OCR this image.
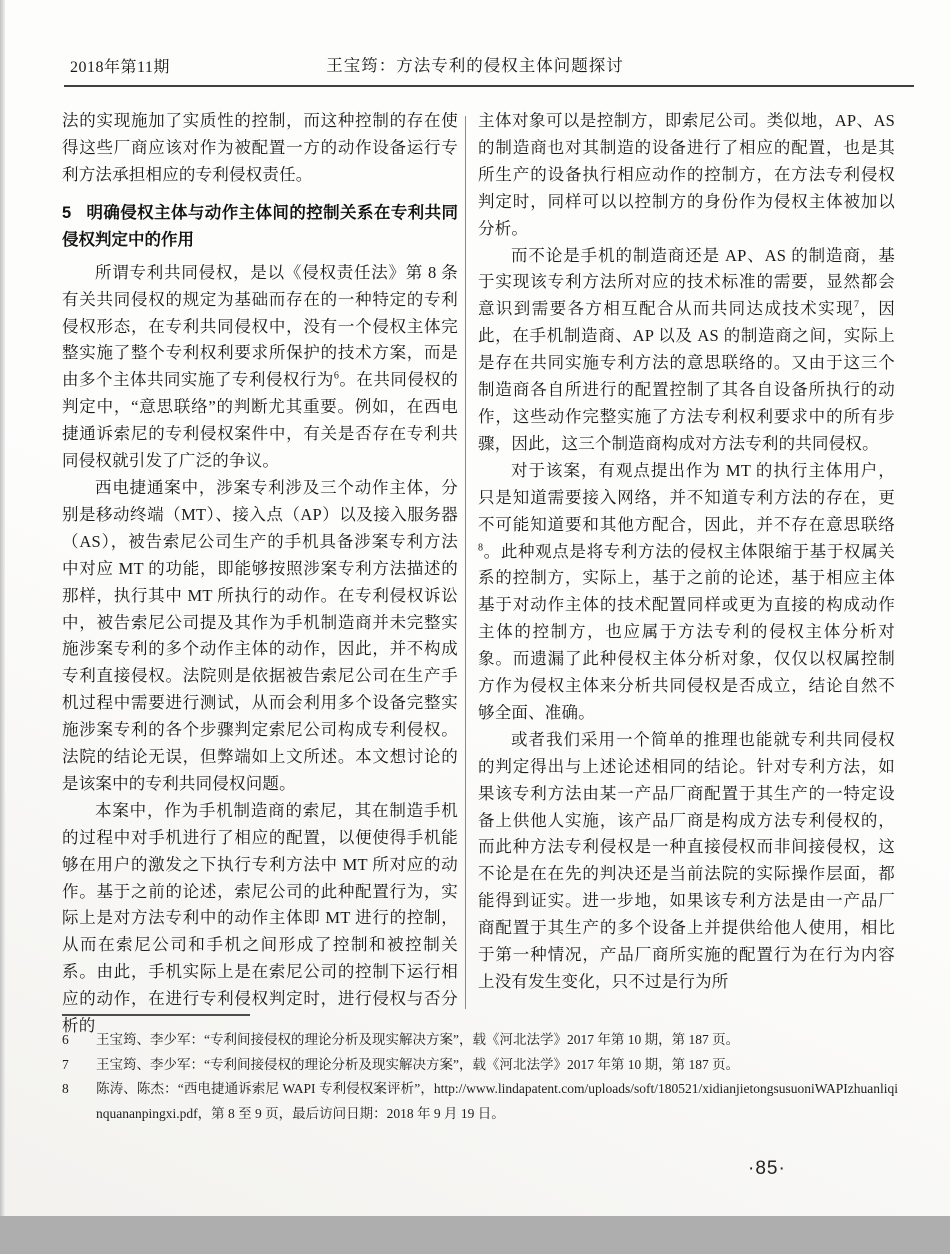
2018年第11期	王宝筠：方法专利的侵权主体问题探讨

法的实现施加了实质性的控制，而这种控制的存在使得这些厂商应该对作为被配置一方的动作设备运行专利方法承担相应的专利侵权责任。

5 明确侵权主体与动作主体间的控制关系在专利共同侵权判定中的作用

所谓专利共同侵权，是以《侵权责任法》第 8 条有关共同侵权的规定为基础而存在的一种特定的专利侵权形态，在专利共同侵权中，没有一个侵权主体完整实施了整个专利权利要求所保护的技术方案，而是由多个主体共同实施了专利侵权行为$^6$。在共同侵权的判定中，“意思联络”的判断尤其重要。例如，在西电捷通诉索尼的专利侵权案件中，有关是否存在专利共同侵权就引发了广泛的争议。

西电捷通案中，涉案专利涉及三个动作主体，分别是移动终端（MT）、接入点（AP）以及接入服务器（AS），被告索尼公司生产的手机具备涉案专利方法中对应 MT 的功能，即能够按照涉案专利方法描述的那样，执行其中 MT 所执行的动作。在专利侵权诉讼中，被告索尼公司提及其作为手机制造商并未完整实施涉案专利的多个动作主体的动作，因此，并不构成专利直接侵权。法院则是依据被告索尼公司在生产手机过程中需要进行测试，从而会利用多个设备完整实施涉案专利的各个步骤判定索尼公司构成专利侵权。法院的结论无误，但弊端如上文所述。本文想讨论的是该案中的专利共同侵权问题。

本案中，作为手机制造商的索尼，其在制造手机的过程中对手机进行了相应的配置，以便使得手机能够在用户的激发之下执行专利方法中 MT 所对应的动作。基于之前的论述，索尼公司的此种配置行为，实际上是对方法专利中的动作主体即 MT 进行的控制，从而在索尼公司和手机之间形成了控制和被控制关系。由此，手机实际上是在索尼公司的控制下运行相应的动作，在进行专利侵权判定时，进行侵权与否分析的

主体对象可以是控制方，即索尼公司。类似地，AP、AS 的制造商也对其制造的设备进行了相应的配置，也是其所生产的设备执行相应动作的控制方，在方法专利侵权判定时，同样可以以控制方的身份作为侵权主体被加以分析。

而不论是手机的制造商还是 AP、AS 的制造商，基于实现该专利方法所对应的技术标准的需要，显然都会意识到需要各方相互配合从而共同达成技术实现$^7$，因此，在手机制造商、AP 以及 AS 的制造商之间，实际上是存在共同实施专利方法的意思联络的。又由于这三个制造商各自所进行的配置控制了其各自设备所执行的动作，这些动作完整实施了方法专利权利要求中的所有步骤，因此，这三个制造商构成对方法专利的共同侵权。

对于该案，有观点提出作为 MT 的执行主体用户，只是知道需要接入网络，并不知道专利方法的存在，更不可能知道要和其他方配合，因此，并不存在意思联络$^8$。此种观点是将专利方法的侵权主体限缩于基于权属关系的控制方，实际上，基于之前的论述，基于相应主体基于对动作主体的技术配置同样或更为直接的构成动作主体的控制方，也应属于方法专利的侵权主体分析对象。而遗漏了此种侵权主体分析对象，仅仅以权属控制方作为侵权主体来分析共同侵权是否成立，结论自然不够全面、准确。

或者我们采用一个简单的推理也能就专利共同侵权的判定得出与上述论述相同的结论。针对专利方法，如果该专利方法由某一产品厂商配置于其生产的一特定设备上供他人实施，该产品厂商是构成方法专利侵权的，而此种方法专利侵权是一种直接侵权而非间接侵权，这不论是在在先的判决还是当前法院的实际操作层面，都能得到证实。进一步地，如果该专利方法是由一产品厂商配置于其生产的多个设备上并提供给他人使用，相比于第一种情况，产品厂商所实施的配置行为在行为内容上没有发生变化，只不过是行为所

6 王宝筠、李少军：“专利间接侵权的理论分析及现实解决方案”，载《河北法学》2017 年第 10 期，第 187 页。
7 王宝筠、李少军：“专利间接侵权的理论分析及现实解决方案”，载《河北法学》2017 年第 10 期，第 187 页。
8 陈涛、陈杰：“西电捷通诉索尼 WAPI 专利侵权案评析”，http://www.lindapatent.com/uploads/soft/180521/xidianjietongsusuoniWAPIzhuanliqinquananpingxi.pdf，第 8 至 9 页，最后访问日期：2018 年 9 月 19 日。
·85·
